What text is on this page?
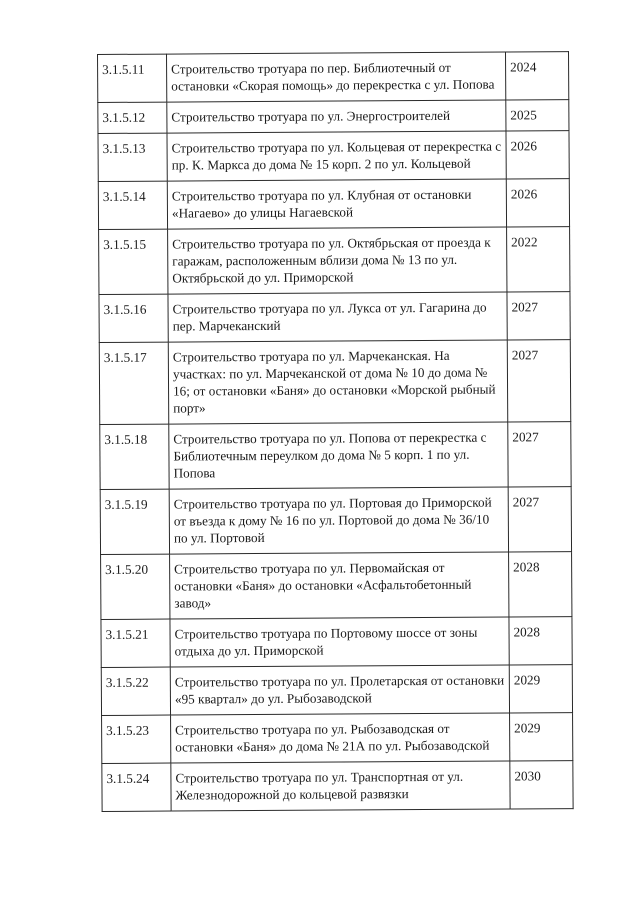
3.1.5.11	Строительство тротуара по пер. Библиотечный от остановки «Скорая помощь» до перекрестка с ул. Попова	2024
3.1.5.12	Строительство тротуара по ул. Энергостроителей	2025
3.1.5.13	Строительство тротуара по ул. Кольцевая от перекрестка с пр. К. Маркса до дома № 15 корп. 2 по ул. Кольцевой	2026
3.1.5.14	Строительство тротуара по ул. Клубная от остановки «Нагаево» до улицы Нагаевской	2026
3.1.5.15	Строительство тротуара по ул. Октябрьская от проезда к гаражам, расположенным вблизи дома № 13 по ул. Октябрьской до ул. Приморской	2022
3.1.5.16	Строительство тротуара по ул. Лукса от ул. Гагарина до пер. Марчеканский	2027
3.1.5.17	Строительство тротуара по ул. Марчеканская. На участках: по ул. Марчеканской от дома № 10 до дома № 16; от остановки «Баня» до остановки «Морской рыбный порт»	2027
3.1.5.18	Строительство тротуара по ул. Попова от перекрестка с Библиотечным переулком до дома № 5 корп. 1 по ул. Попова	2027
3.1.5.19	Строительство тротуара по ул. Портовая до Приморской от въезда к дому № 16 по ул. Портовой до дома № 36/10 по ул. Портовой	2027
3.1.5.20	Строительство тротуара по ул. Первомайская от остановки «Баня» до остановки «Асфальтобетонный завод»	2028
3.1.5.21	Строительство тротуара по Портовому шоссе от зоны отдыха до ул. Приморской	2028
3.1.5.22	Строительство тротуара по ул. Пролетарская от остановки «95 квартал» до ул. Рыбозаводской	2029
3.1.5.23	Строительство тротуара по ул. Рыбозаводская от остановки «Баня» до дома № 21А по ул. Рыбозаводской	2029
3.1.5.24	Строительство тротуара по ул. Транспортная от ул. Железнодорожной до кольцевой развязки	2030
